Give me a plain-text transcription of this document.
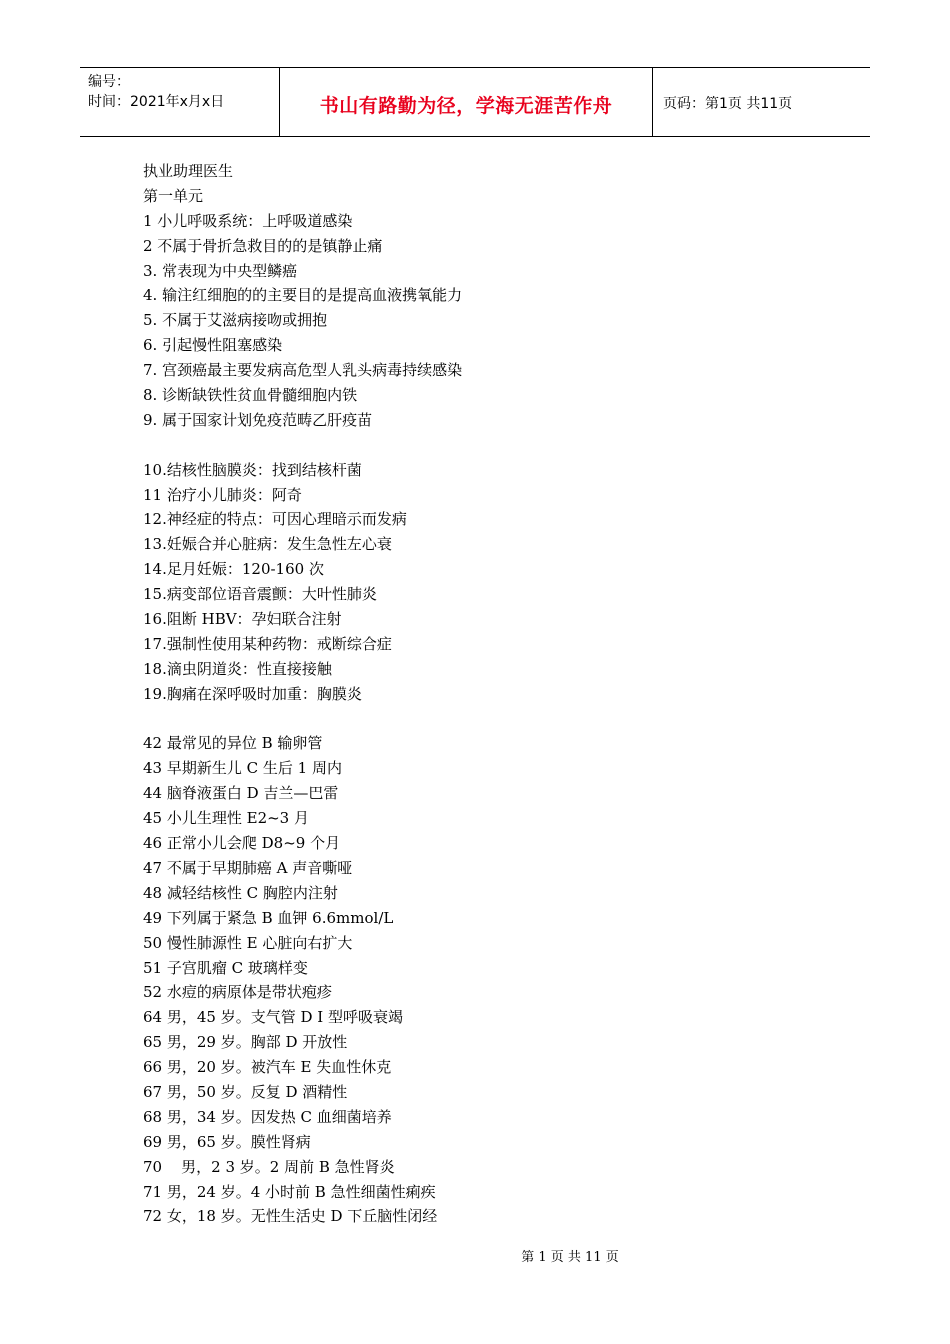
编号：
时间：2021年x月x日	书山有路勤为径，学海无涯苦作舟	页码：第1页 共11页
执业助理医生
第一单元
1 小儿呼吸系统：上呼吸道感染
2 不属于骨折急救目的的是镇静止痛
3. 常表现为中央型鳞癌
4. 输注红细胞的的主要目的是提高血液携氧能力
5. 不属于艾滋病接吻或拥抱
6. 引起慢性阻塞感染
7. 宫颈癌最主要发病高危型人乳头病毒持续感染
8. 诊断缺铁性贫血骨髓细胞内铁
9. 属于国家计划免疫范畴乙肝疫苗
10.结核性脑膜炎：找到结核杆菌
11 治疗小儿肺炎：阿奇
12.神经症的特点：可因心理暗示而发病
13.妊娠合并心脏病：发生急性左心衰
14.足月妊娠：120-160 次
15.病变部位语音震颤：大叶性肺炎
16.阻断 HBV：孕妇联合注射
17.强制性使用某种药物：戒断综合症
18.滴虫阴道炎：性直接接触
19.胸痛在深呼吸时加重：胸膜炎
42 最常见的异位 B 输卵管
43 早期新生儿 C 生后 1 周内
44 脑脊液蛋白 D 吉兰—巴雷
45 小儿生理性 E2~3 月
46 正常小儿会爬 D8~9 个月
47 不属于早期肺癌 A 声音嘶哑
48 减轻结核性 C 胸腔内注射
49 下列属于紧急 B 血钾 6.6mmol/L
50 慢性肺源性 E 心脏向右扩大
51 子宫肌瘤 C 玻璃样变
52 水痘的病原体是带状疱疹
64 男，45 岁。支气管 D I 型呼吸衰竭
65 男，29 岁。胸部 D 开放性
66 男，20 岁。被汽车 E 失血性休克
67 男，50 岁。反复 D 酒精性
68 男，34 岁。因发热 C 血细菌培养
69 男，65 岁。膜性肾病
70    男，2 3 岁。2 周前 B 急性肾炎
71 男，24 岁。4 小时前 B 急性细菌性痢疾
72 女，18 岁。无性生活史 D 下丘脑性闭经
第 1 页 共 11 页
